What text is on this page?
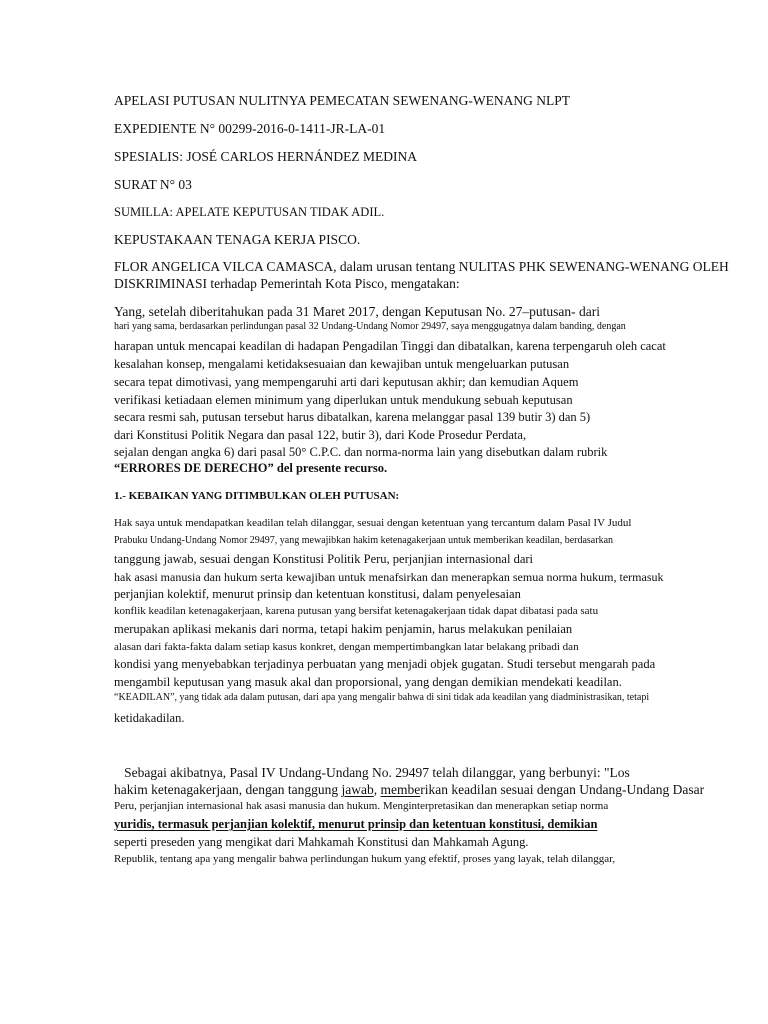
APELASI PUTUSAN NULITNYA PEMECATAN SEWENANG-WENANG NLPT
EXPEDIENTE N° 00299-2016-0-1411-JR-LA-01
SPESIALIS: JOSÉ CARLOS HERNÁNDEZ MEDINA
SURAT N° 03
SUMILLA: APELATE KEPUTUSAN TIDAK ADIL.
KEPUSTAKAAN TENAGA KERJA PISCO.
FLOR ANGELICA VILCA CAMASCA, dalam urusan tentang NULITAS PHK SEWENANG-WENANG OLEH
DISKRIMINASI terhadap Pemerintah Kota Pisco, mengatakan:
Yang, setelah diberitahukan pada 31 Maret 2017, dengan Keputusan No. 27–putusan- dari
hari yang sama, berdasarkan perlindungan pasal 32 Undang-Undang Nomor 29497, saya menggugatnya dalam banding, dengan
harapan untuk mencapai keadilan di hadapan Pengadilan Tinggi dan dibatalkan, karena terpengaruh oleh cacat
kesalahan konsep, mengalami ketidaksesuaian dan kewajiban untuk mengeluarkan putusan
secara tepat dimotivasi, yang mempengaruhi arti dari keputusan akhir; dan kemudian Aquem
verifikasi ketiadaan elemen minimum yang diperlukan untuk mendukung sebuah keputusan
secara resmi sah, putusan tersebut harus dibatalkan, karena melanggar pasal 139 butir 3) dan 5)
dari Konstitusi Politik Negara dan pasal 122, butir 3), dari Kode Prosedur Perdata,
sejalan dengan angka 6) dari pasal 50° C.P.C. dan norma-norma lain yang disebutkan dalam rubrik
“ERRORES DE DERECHO” del presente recurso.
1.- KEBAIKAN YANG DITIMBULKAN OLEH PUTUSAN:
Hak saya untuk mendapatkan keadilan telah dilanggar, sesuai dengan ketentuan yang tercantum dalam Pasal IV Judul
Prabuku Undang-Undang Nomor 29497, yang mewajibkan hakim ketenagakerjaan untuk memberikan keadilan, berdasarkan
tanggung jawab, sesuai dengan Konstitusi Politik Peru, perjanjian internasional dari
hak asasi manusia dan hukum serta kewajiban untuk menafsirkan dan menerapkan semua norma hukum, termasuk
perjanjian kolektif, menurut prinsip dan ketentuan konstitusi, dalam penyelesaian
konflik keadilan ketenagakerjaan, karena putusan yang bersifat ketenagakerjaan tidak dapat dibatasi pada satu
merupakan aplikasi mekanis dari norma, tetapi hakim penjamin, harus melakukan penilaian
alasan dari fakta-fakta dalam setiap kasus konkret, dengan mempertimbangkan latar belakang pribadi dan
kondisi yang menyebabkan terjadinya perbuatan yang menjadi objek gugatan. Studi tersebut mengarah pada
mengambil keputusan yang masuk akal dan proporsional, yang dengan demikian mendekati keadilan.
“KEADILAN”, yang tidak ada dalam putusan, dari apa yang mengalir bahwa di sini tidak ada keadilan yang diadministrasikan, tetapi
ketidakadilan.
Sebagai akibatnya, Pasal IV Undang-Undang No. 29497 telah dilanggar, yang berbunyi: "Los
hakim ketenagakerjaan, dengan tanggung jawab, memberikan keadilan sesuai dengan Undang-Undang Dasar
Peru, perjanjian internasional hak asasi manusia dan hukum. Menginterpretasikan dan menerapkan setiap norma
yuridis, termasuk perjanjian kolektif, menurut prinsip dan ketentuan konstitusi, demikian
seperti preseden yang mengikat dari Mahkamah Konstitusi dan Mahkamah Agung.
Republik, tentang apa yang mengalir bahwa perlindungan hukum yang efektif, proses yang layak, telah dilanggar,
